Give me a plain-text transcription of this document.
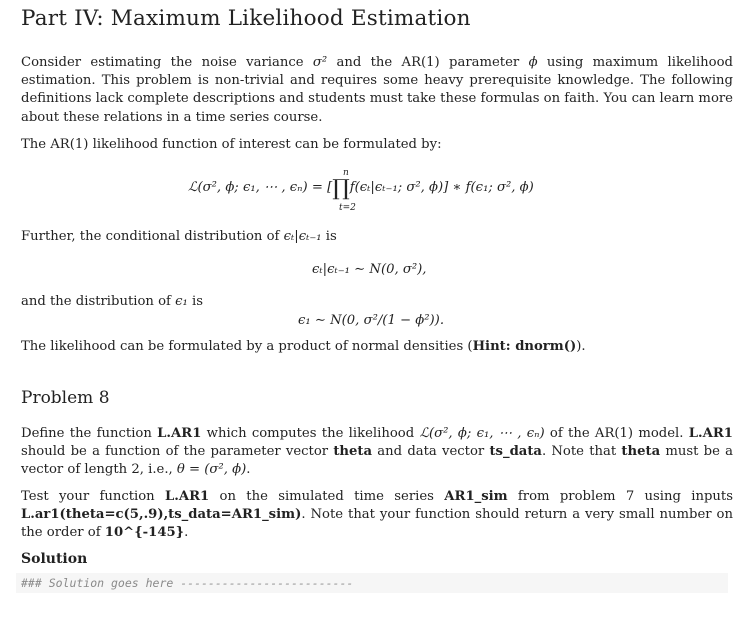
Part IV: Maximum Likelihood Estimation
Consider estimating the noise variance σ² and the AR(1) parameter ϕ using maximum likelihood estimation. This problem is non-trivial and requires some heavy prerequisite knowledge. The following definitions lack complete descriptions and students must take these formulas on faith. You can learn more about these relations in a time series course.
The AR(1) likelihood function of interest can be formulated by:
ℒ(σ², ϕ; ϵ₁, ⋯ , ϵₙ) = [∏f(ϵₜ|ϵₜ₋₁; σ², ϕ)] ∗ f(ϵ₁; σ², ϕ)
n
t=2
Further, the conditional distribution of ϵₜ|ϵₜ₋₁ is
ϵₜ|ϵₜ₋₁ ∼ N(0, σ²),
and the distribution of ϵ₁ is
ϵ₁ ∼ N(0, σ²/(1 − ϕ²)).
The likelihood can be formulated by a product of normal densities (Hint: dnorm()).
Problem 8
Define the function L.AR1 which computes the likelihood ℒ(σ², ϕ; ϵ₁, ⋯ , ϵₙ) of the AR(1) model. L.AR1 should be a function of the parameter vector theta and data vector ts_data. Note that theta must be a vector of length 2, i.e., θ = (σ², ϕ).
Test your function L.AR1 on the simulated time series AR1_sim from problem 7 using inputs L.ar1(theta=c(5,.9),ts_data=AR1_sim). Note that your function should return a very small number on the order of 10^{-145}.
Solution
### Solution goes here -------------------------
